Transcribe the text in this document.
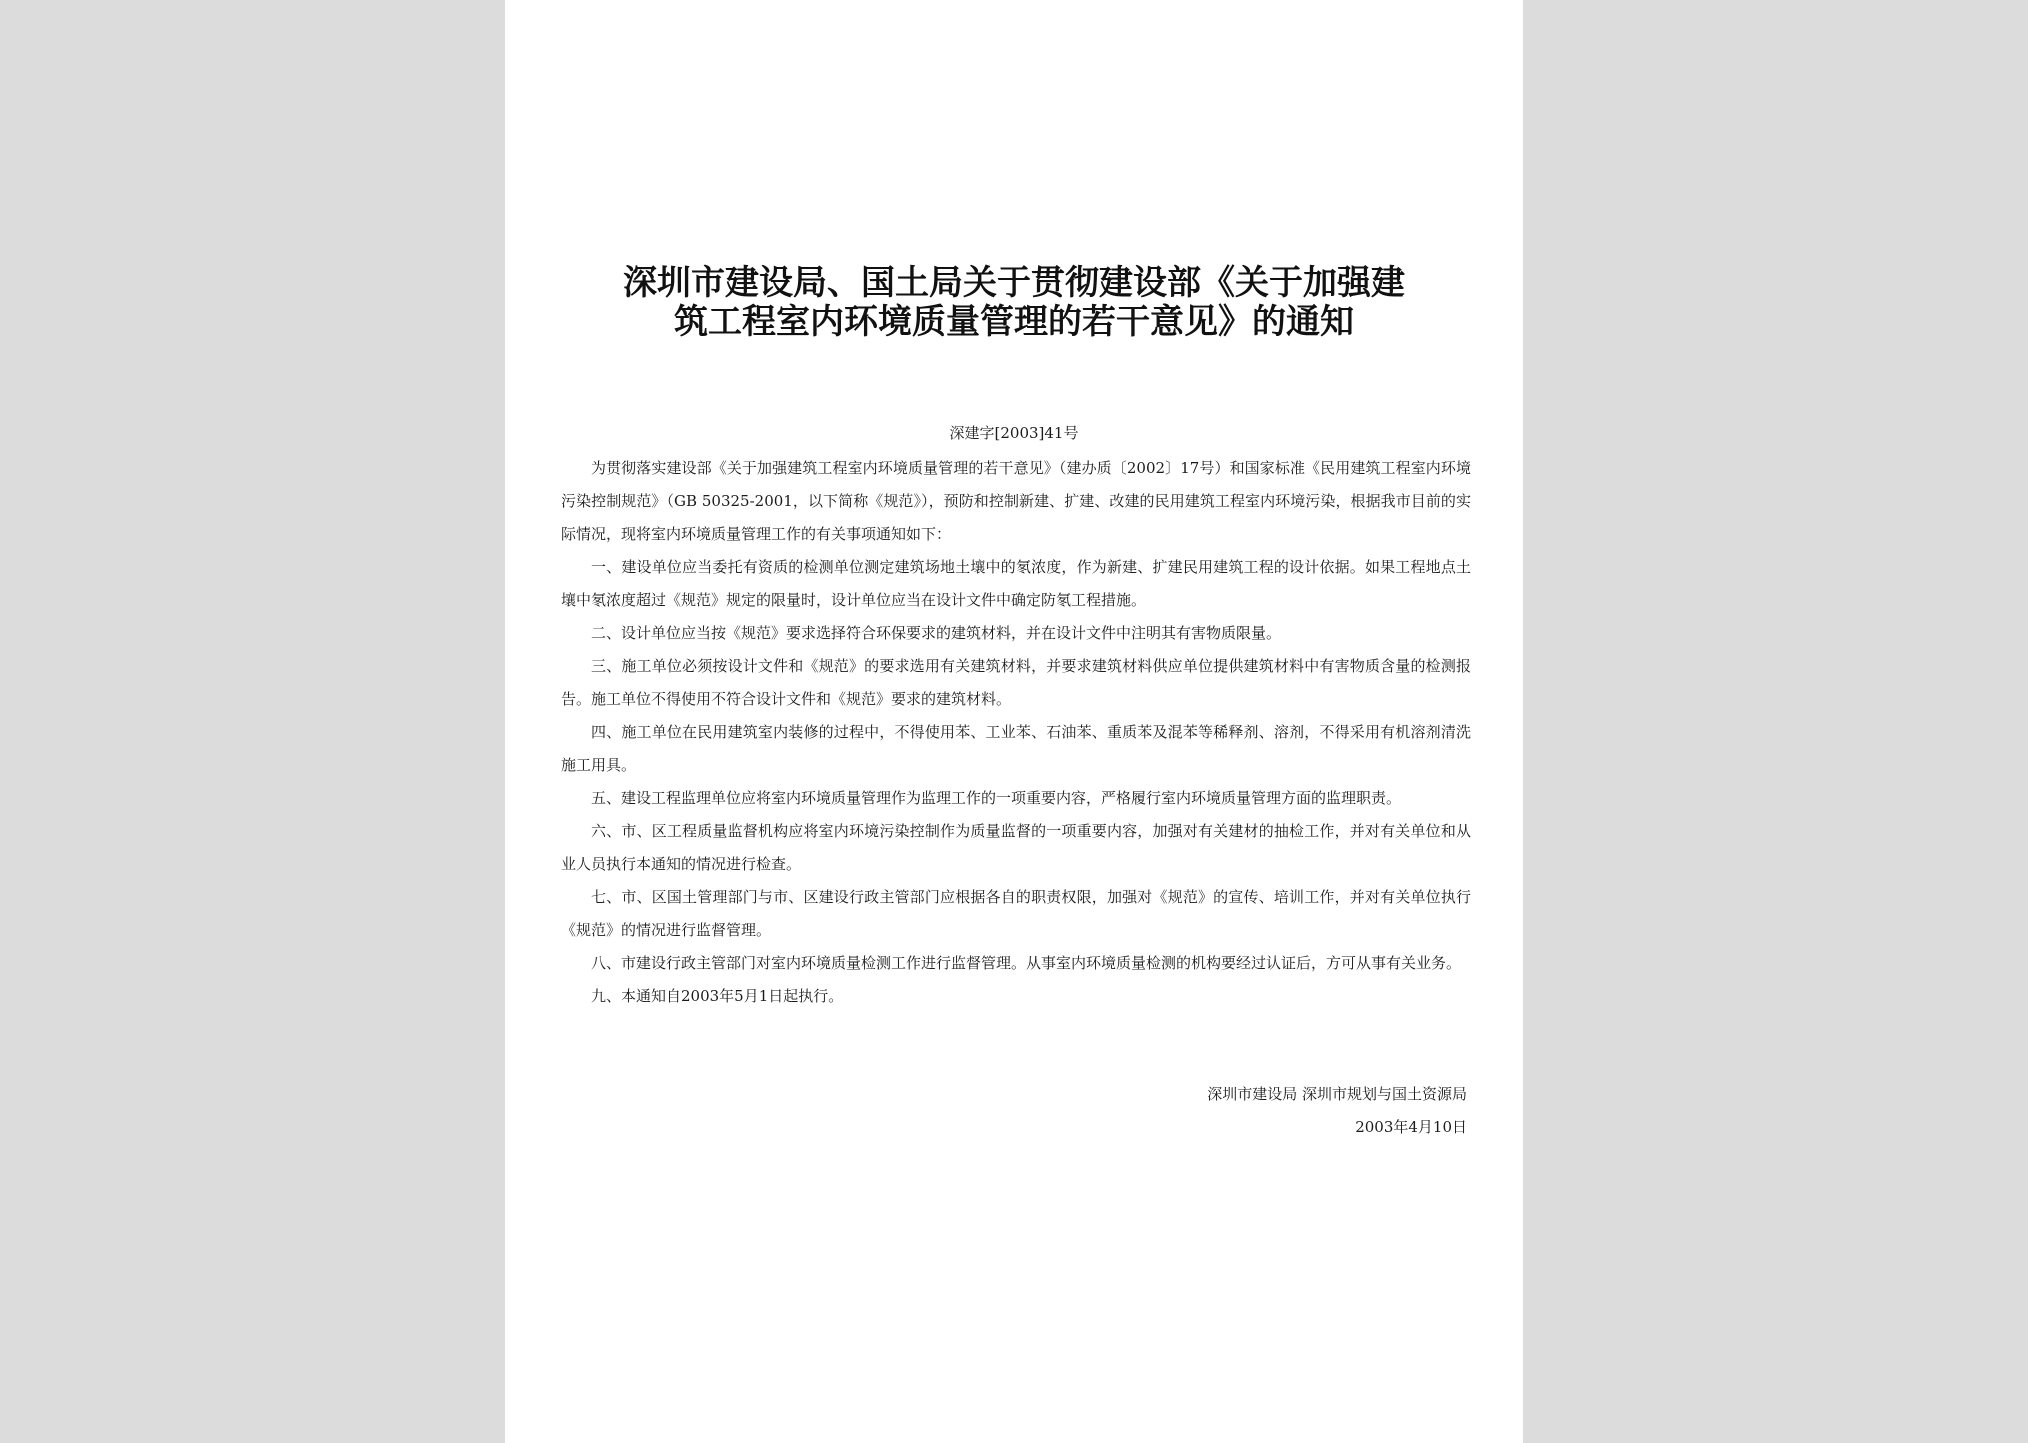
深圳市建设局、国土局关于贯彻建设部《关于加强建
筑工程室内环境质量管理的若干意见》的通知
深建字[2003]41号

为贯彻落实建设部《关于加强建筑工程室内环境质量管理的若干意见》（建办质〔2002〕17号）和国家标准《民用建筑工程室内环境污染控制规范》（GB 50325-2001，以下简称《规范》），预防和控制新建、扩建、改建的民用建筑工程室内环境污染，根据我市目前的实际情况，现将室内环境质量管理工作的有关事项通知如下：

一、建设单位应当委托有资质的检测单位测定建筑场地土壤中的氡浓度，作为新建、扩建民用建筑工程的设计依据。如果工程地点土壤中氡浓度超过《规范》规定的限量时，设计单位应当在设计文件中确定防氡工程措施。

二、设计单位应当按《规范》要求选择符合环保要求的建筑材料，并在设计文件中注明其有害物质限量。

三、施工单位必须按设计文件和《规范》的要求选用有关建筑材料，并要求建筑材料供应单位提供建筑材料中有害物质含量的检测报告。施工单位不得使用不符合设计文件和《规范》要求的建筑材料。

四、施工单位在民用建筑室内装修的过程中，不得使用苯、工业苯、石油苯、重质苯及混苯等稀释剂、溶剂，不得采用有机溶剂清洗施工用具。

五、建设工程监理单位应将室内环境质量管理作为监理工作的一项重要内容，严格履行室内环境质量管理方面的监理职责。

六、市、区工程质量监督机构应将室内环境污染控制作为质量监督的一项重要内容，加强对有关建材的抽检工作，并对有关单位和从业人员执行本通知的情况进行检查。

七、市、区国土管理部门与市、区建设行政主管部门应根据各自的职责权限，加强对《规范》的宣传、培训工作，并对有关单位执行《规范》的情况进行监督管理。

八、市建设行政主管部门对室内环境质量检测工作进行监督管理。从事室内环境质量检测的机构要经过认证后，方可从事有关业务。

九、本通知自2003年5月1日起执行。

深圳市建设局 深圳市规划与国土资源局
2003年4月10日
